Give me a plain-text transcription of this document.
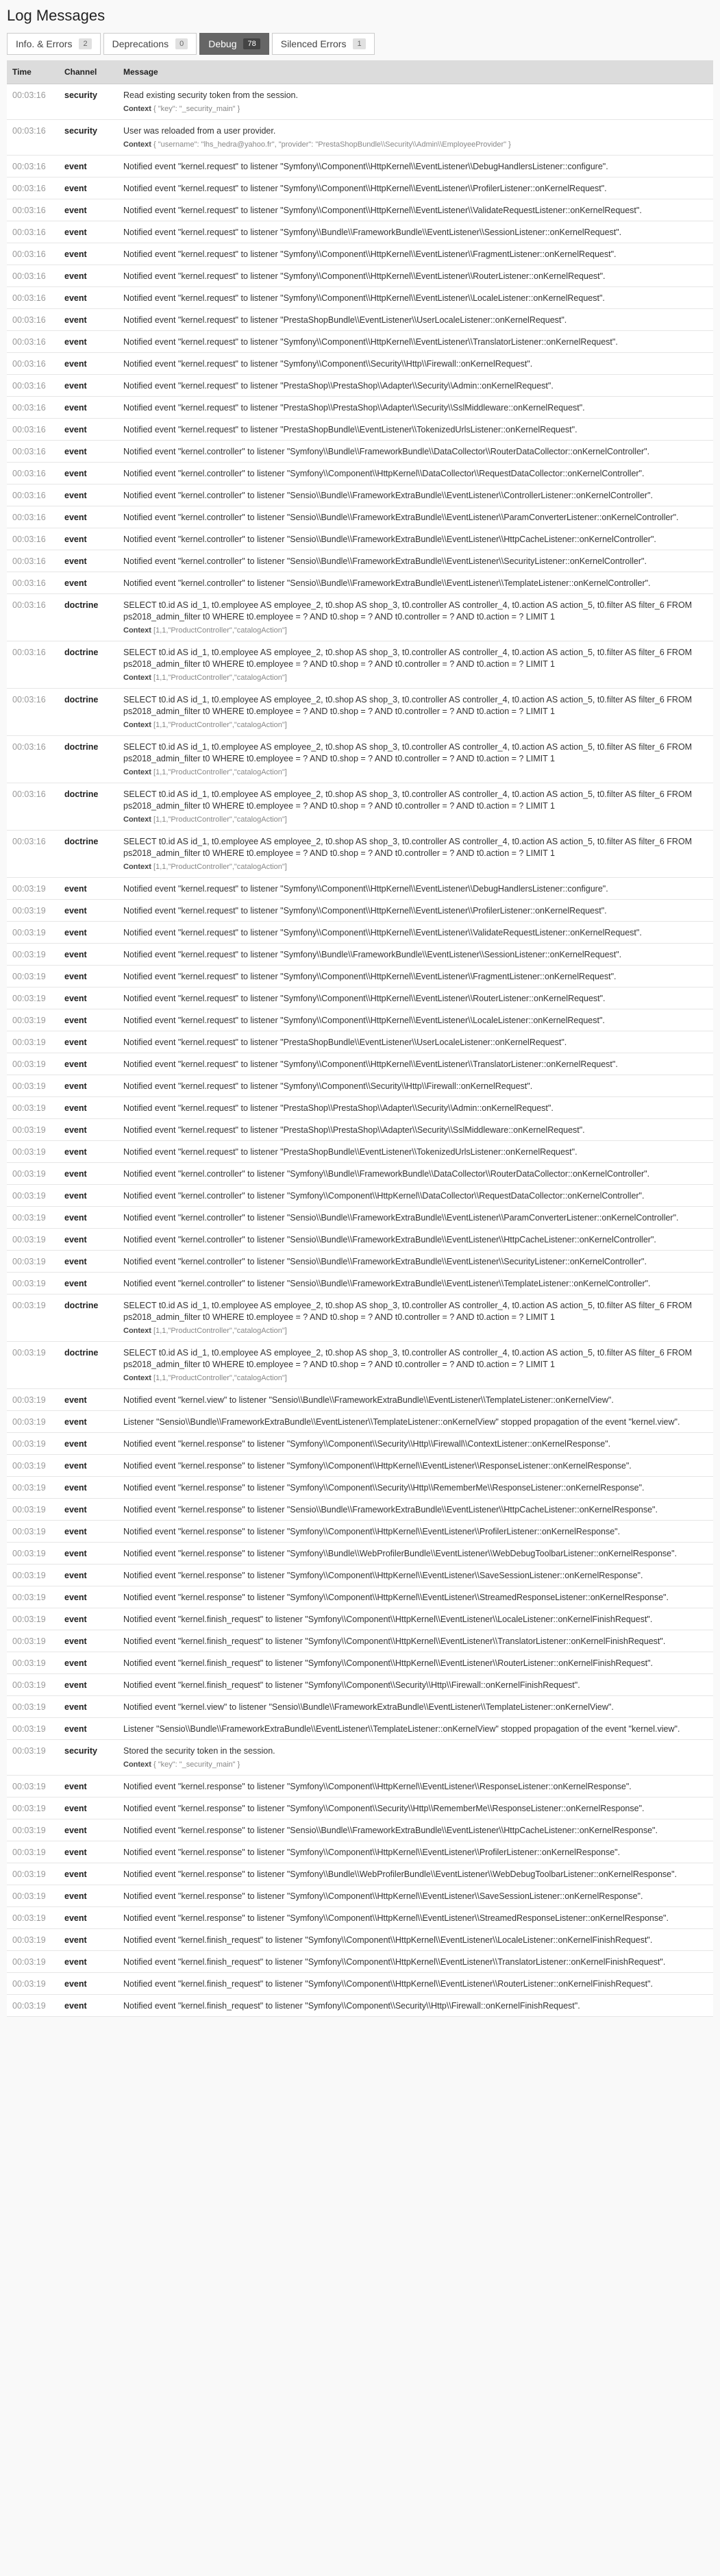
Log Messages
Info. & Errors	2	Deprecations	0	Debug	78	Silenced Errors	1
Time	Channel	Message
00:03:16	security	Read existing security token from the session.
Context { "key": "_security_main" }

00:03:16	security	User was reloaded from a user provider.
Context { "username": "lhs_hedra@yahoo.fr", "provider": "PrestaShopBundle\\Security\\Admin\\EmployeeProvider" }

00:03:16	event	Notified event "kernel.request" to listener "Symfony\\Component\\HttpKernel\\EventListener\\DebugHandlersListener::configure".

00:03:16	event	Notified event "kernel.request" to listener "Symfony\\Component\\HttpKernel\\EventListener\\ProfilerListener::onKernelRequest".

00:03:16	event	Notified event "kernel.request" to listener "Symfony\\Component\\HttpKernel\\EventListener\\ValidateRequestListener::onKernelRequest".

00:03:16	event	Notified event "kernel.request" to listener "Symfony\\Bundle\\FrameworkBundle\\EventListener\\SessionListener::onKernelRequest".

00:03:16	event	Notified event "kernel.request" to listener "Symfony\\Component\\HttpKernel\\EventListener\\FragmentListener::onKernelRequest".

00:03:16	event	Notified event "kernel.request" to listener "Symfony\\Component\\HttpKernel\\EventListener\\RouterListener::onKernelRequest".

00:03:16	event	Notified event "kernel.request" to listener "Symfony\\Component\\HttpKernel\\EventListener\\LocaleListener::onKernelRequest".

00:03:16	event	Notified event "kernel.request" to listener "PrestaShopBundle\\EventListener\\UserLocaleListener::onKernelRequest".

00:03:16	event	Notified event "kernel.request" to listener "Symfony\\Component\\HttpKernel\\EventListener\\TranslatorListener::onKernelRequest".

00:03:16	event	Notified event "kernel.request" to listener "Symfony\\Component\\Security\\Http\\Firewall::onKernelRequest".

00:03:16	event	Notified event "kernel.request" to listener "PrestaShop\\PrestaShop\\Adapter\\Security\\Admin::onKernelRequest".

00:03:16	event	Notified event "kernel.request" to listener "PrestaShop\\PrestaShop\\Adapter\\Security\\SslMiddleware::onKernelRequest".

00:03:16	event	Notified event "kernel.request" to listener "PrestaShopBundle\\EventListener\\TokenizedUrlsListener::onKernelRequest".

00:03:16	event	Notified event "kernel.controller" to listener "Symfony\\Bundle\\FrameworkBundle\\DataCollector\\RouterDataCollector::onKernelController".

00:03:16	event	Notified event "kernel.controller" to listener "Symfony\\Component\\HttpKernel\\DataCollector\\RequestDataCollector::onKernelController".

00:03:16	event	Notified event "kernel.controller" to listener "Sensio\\Bundle\\FrameworkExtraBundle\\EventListener\\ControllerListener::onKernelController".

00:03:16	event	Notified event "kernel.controller" to listener "Sensio\\Bundle\\FrameworkExtraBundle\\EventListener\\ParamConverterListener::onKernelController".

00:03:16	event	Notified event "kernel.controller" to listener "Sensio\\Bundle\\FrameworkExtraBundle\\EventListener\\HttpCacheListener::onKernelController".

00:03:16	event	Notified event "kernel.controller" to listener "Sensio\\Bundle\\FrameworkExtraBundle\\EventListener\\SecurityListener::onKernelController".

00:03:16	event	Notified event "kernel.controller" to listener "Sensio\\Bundle\\FrameworkExtraBundle\\EventListener\\TemplateListener::onKernelController".

00:03:16	doctrine	SELECT t0.id AS id_1, t0.employee AS employee_2, t0.shop AS shop_3, t0.controller AS controller_4, t0.action AS action_5, t0.filter AS filter_6 FROM ps2018_admin_filter t0 WHERE t0.employee = ? AND t0.shop = ? AND t0.controller = ? AND t0.action = ? LIMIT 1
Context [1,1,"ProductController","catalogAction"]

00:03:16	doctrine	SELECT t0.id AS id_1, t0.employee AS employee_2, t0.shop AS shop_3, t0.controller AS controller_4, t0.action AS action_5, t0.filter AS filter_6 FROM ps2018_admin_filter t0 WHERE t0.employee = ? AND t0.shop = ? AND t0.controller = ? AND t0.action = ? LIMIT 1
Context [1,1,"ProductController","catalogAction"]

00:03:16	doctrine	SELECT t0.id AS id_1, t0.employee AS employee_2, t0.shop AS shop_3, t0.controller AS controller_4, t0.action AS action_5, t0.filter AS filter_6 FROM ps2018_admin_filter t0 WHERE t0.employee = ? AND t0.shop = ? AND t0.controller = ? AND t0.action = ? LIMIT 1
Context [1,1,"ProductController","catalogAction"]

00:03:16	doctrine	SELECT t0.id AS id_1, t0.employee AS employee_2, t0.shop AS shop_3, t0.controller AS controller_4, t0.action AS action_5, t0.filter AS filter_6 FROM ps2018_admin_filter t0 WHERE t0.employee = ? AND t0.shop = ? AND t0.controller = ? AND t0.action = ? LIMIT 1
Context [1,1,"ProductController","catalogAction"]

00:03:16	doctrine	SELECT t0.id AS id_1, t0.employee AS employee_2, t0.shop AS shop_3, t0.controller AS controller_4, t0.action AS action_5, t0.filter AS filter_6 FROM ps2018_admin_filter t0 WHERE t0.employee = ? AND t0.shop = ? AND t0.controller = ? AND t0.action = ? LIMIT 1
Context [1,1,"ProductController","catalogAction"]

00:03:16	doctrine	SELECT t0.id AS id_1, t0.employee AS employee_2, t0.shop AS shop_3, t0.controller AS controller_4, t0.action AS action_5, t0.filter AS filter_6 FROM ps2018_admin_filter t0 WHERE t0.employee = ? AND t0.shop = ? AND t0.controller = ? AND t0.action = ? LIMIT 1
Context [1,1,"ProductController","catalogAction"]

00:03:19	event	Notified event "kernel.request" to listener "Symfony\\Component\\HttpKernel\\EventListener\\DebugHandlersListener::configure".

00:03:19	event	Notified event "kernel.request" to listener "Symfony\\Component\\HttpKernel\\EventListener\\ProfilerListener::onKernelRequest".

00:03:19	event	Notified event "kernel.request" to listener "Symfony\\Component\\HttpKernel\\EventListener\\ValidateRequestListener::onKernelRequest".

00:03:19	event	Notified event "kernel.request" to listener "Symfony\\Bundle\\FrameworkBundle\\EventListener\\SessionListener::onKernelRequest".

00:03:19	event	Notified event "kernel.request" to listener "Symfony\\Component\\HttpKernel\\EventListener\\FragmentListener::onKernelRequest".

00:03:19	event	Notified event "kernel.request" to listener "Symfony\\Component\\HttpKernel\\EventListener\\RouterListener::onKernelRequest".

00:03:19	event	Notified event "kernel.request" to listener "Symfony\\Component\\HttpKernel\\EventListener\\LocaleListener::onKernelRequest".

00:03:19	event	Notified event "kernel.request" to listener "PrestaShopBundle\\EventListener\\UserLocaleListener::onKernelRequest".

00:03:19	event	Notified event "kernel.request" to listener "Symfony\\Component\\HttpKernel\\EventListener\\TranslatorListener::onKernelRequest".

00:03:19	event	Notified event "kernel.request" to listener "Symfony\\Component\\Security\\Http\\Firewall::onKernelRequest".

00:03:19	event	Notified event "kernel.request" to listener "PrestaShop\\PrestaShop\\Adapter\\Security\\Admin::onKernelRequest".

00:03:19	event	Notified event "kernel.request" to listener "PrestaShop\\PrestaShop\\Adapter\\Security\\SslMiddleware::onKernelRequest".

00:03:19	event	Notified event "kernel.request" to listener "PrestaShopBundle\\EventListener\\TokenizedUrlsListener::onKernelRequest".

00:03:19	event	Notified event "kernel.controller" to listener "Symfony\\Bundle\\FrameworkBundle\\DataCollector\\RouterDataCollector::onKernelController".

00:03:19	event	Notified event "kernel.controller" to listener "Symfony\\Component\\HttpKernel\\DataCollector\\RequestDataCollector::onKernelController".

00:03:19	event	Notified event "kernel.controller" to listener "Sensio\\Bundle\\FrameworkExtraBundle\\EventListener\\ParamConverterListener::onKernelController".

00:03:19	event	Notified event "kernel.controller" to listener "Sensio\\Bundle\\FrameworkExtraBundle\\EventListener\\HttpCacheListener::onKernelController".

00:03:19	event	Notified event "kernel.controller" to listener "Sensio\\Bundle\\FrameworkExtraBundle\\EventListener\\SecurityListener::onKernelController".

00:03:19	event	Notified event "kernel.controller" to listener "Sensio\\Bundle\\FrameworkExtraBundle\\EventListener\\TemplateListener::onKernelController".

00:03:19	doctrine	SELECT t0.id AS id_1, t0.employee AS employee_2, t0.shop AS shop_3, t0.controller AS controller_4, t0.action AS action_5, t0.filter AS filter_6 FROM ps2018_admin_filter t0 WHERE t0.employee = ? AND t0.shop = ? AND t0.controller = ? AND t0.action = ? LIMIT 1
Context [1,1,"ProductController","catalogAction"]

00:03:19	doctrine	SELECT t0.id AS id_1, t0.employee AS employee_2, t0.shop AS shop_3, t0.controller AS controller_4, t0.action AS action_5, t0.filter AS filter_6 FROM ps2018_admin_filter t0 WHERE t0.employee = ? AND t0.shop = ? AND t0.controller = ? AND t0.action = ? LIMIT 1
Context [1,1,"ProductController","catalogAction"]

00:03:19	event	Notified event "kernel.view" to listener "Sensio\\Bundle\\FrameworkExtraBundle\\EventListener\\TemplateListener::onKernelView".

00:03:19	event	Listener "Sensio\\Bundle\\FrameworkExtraBundle\\EventListener\\TemplateListener::onKernelView" stopped propagation of the event "kernel.view".

00:03:19	event	Notified event "kernel.response" to listener "Symfony\\Component\\Security\\Http\\Firewall\\ContextListener::onKernelResponse".

00:03:19	event	Notified event "kernel.response" to listener "Symfony\\Component\\HttpKernel\\EventListener\\ResponseListener::onKernelResponse".

00:03:19	event	Notified event "kernel.response" to listener "Symfony\\Component\\Security\\Http\\RememberMe\\ResponseListener::onKernelResponse".

00:03:19	event	Notified event "kernel.response" to listener "Sensio\\Bundle\\FrameworkExtraBundle\\EventListener\\HttpCacheListener::onKernelResponse".

00:03:19	event	Notified event "kernel.response" to listener "Symfony\\Component\\HttpKernel\\EventListener\\ProfilerListener::onKernelResponse".

00:03:19	event	Notified event "kernel.response" to listener "Symfony\\Bundle\\WebProfilerBundle\\EventListener\\WebDebugToolbarListener::onKernelResponse".

00:03:19	event	Notified event "kernel.response" to listener "Symfony\\Component\\HttpKernel\\EventListener\\SaveSessionListener::onKernelResponse".

00:03:19	event	Notified event "kernel.response" to listener "Symfony\\Component\\HttpKernel\\EventListener\\StreamedResponseListener::onKernelResponse".

00:03:19	event	Notified event "kernel.finish_request" to listener "Symfony\\Component\\HttpKernel\\EventListener\\LocaleListener::onKernelFinishRequest".

00:03:19	event	Notified event "kernel.finish_request" to listener "Symfony\\Component\\HttpKernel\\EventListener\\TranslatorListener::onKernelFinishRequest".

00:03:19	event	Notified event "kernel.finish_request" to listener "Symfony\\Component\\HttpKernel\\EventListener\\RouterListener::onKernelFinishRequest".

00:03:19	event	Notified event "kernel.finish_request" to listener "Symfony\\Component\\Security\\Http\\Firewall::onKernelFinishRequest".

00:03:19	event	Notified event "kernel.view" to listener "Sensio\\Bundle\\FrameworkExtraBundle\\EventListener\\TemplateListener::onKernelView".

00:03:19	event	Listener "Sensio\\Bundle\\FrameworkExtraBundle\\EventListener\\TemplateListener::onKernelView" stopped propagation of the event "kernel.view".

00:03:19	security	Stored the security token in the session.
Context { "key": "_security_main" }

00:03:19	event	Notified event "kernel.response" to listener "Symfony\\Component\\HttpKernel\\EventListener\\ResponseListener::onKernelResponse".

00:03:19	event	Notified event "kernel.response" to listener "Symfony\\Component\\Security\\Http\\RememberMe\\ResponseListener::onKernelResponse".

00:03:19	event	Notified event "kernel.response" to listener "Sensio\\Bundle\\FrameworkExtraBundle\\EventListener\\HttpCacheListener::onKernelResponse".

00:03:19	event	Notified event "kernel.response" to listener "Symfony\\Component\\HttpKernel\\EventListener\\ProfilerListener::onKernelResponse".

00:03:19	event	Notified event "kernel.response" to listener "Symfony\\Bundle\\WebProfilerBundle\\EventListener\\WebDebugToolbarListener::onKernelResponse".

00:03:19	event	Notified event "kernel.response" to listener "Symfony\\Component\\HttpKernel\\EventListener\\SaveSessionListener::onKernelResponse".

00:03:19	event	Notified event "kernel.response" to listener "Symfony\\Component\\HttpKernel\\EventListener\\StreamedResponseListener::onKernelResponse".

00:03:19	event	Notified event "kernel.finish_request" to listener "Symfony\\Component\\HttpKernel\\EventListener\\LocaleListener::onKernelFinishRequest".

00:03:19	event	Notified event "kernel.finish_request" to listener "Symfony\\Component\\HttpKernel\\EventListener\\TranslatorListener::onKernelFinishRequest".

00:03:19	event	Notified event "kernel.finish_request" to listener "Symfony\\Component\\HttpKernel\\EventListener\\RouterListener::onKernelFinishRequest".

00:03:19	event	Notified event "kernel.finish_request" to listener "Symfony\\Component\\Security\\Http\\Firewall::onKernelFinishRequest".
